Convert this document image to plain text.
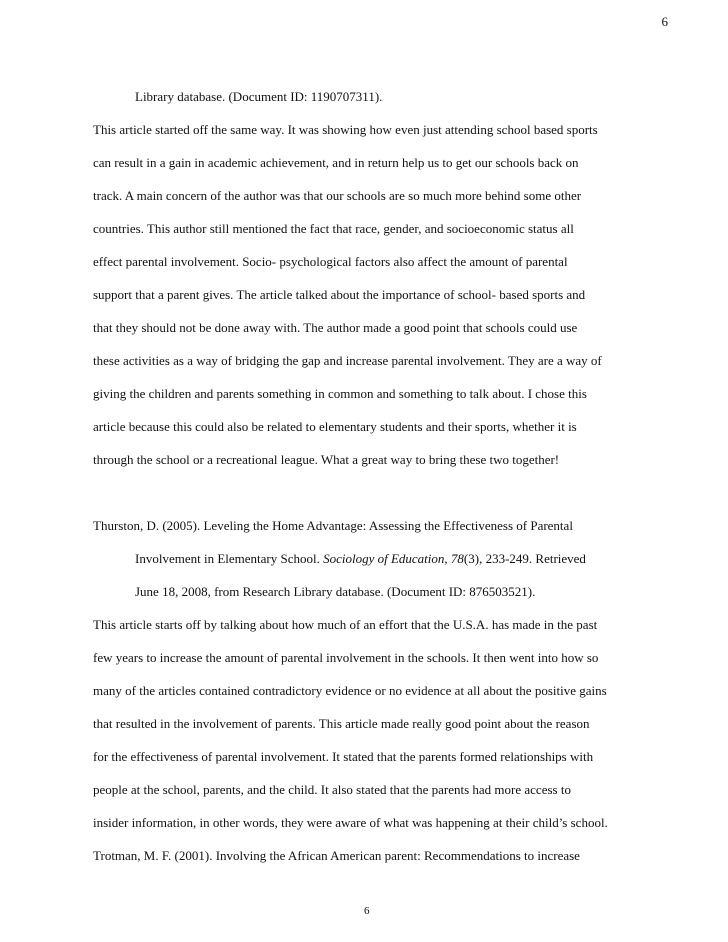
6
Library database. (Document ID: 1190707311).
This article started off the same way. It was showing how even just attending school based sports
can result in a gain in academic achievement, and in return help us to get our schools back on
track. A main concern of the author was that our schools are so much more behind some other
countries. This author still mentioned the fact that race, gender, and socioeconomic status all
effect parental involvement. Socio- psychological factors also affect the amount of parental
support that a parent gives. The article talked about the importance of school- based sports and
that they should not be done away with. The author made a good point that schools could use
these activities as a way of bridging the gap and increase parental involvement. They are a way of
giving the children and parents something in common and something to talk about. I chose this
article because this could also be related to elementary students and their sports, whether it is
through the school or a recreational league. What a great way to bring these two together!
Thurston, D. (2005). Leveling the Home Advantage: Assessing the Effectiveness of Parental
Involvement in Elementary School. Sociology of Education, 78(3), 233-249. Retrieved
June 18, 2008, from Research Library database. (Document ID: 876503521).
This article starts off by talking about how much of an effort that the U.S.A. has made in the past
few years to increase the amount of parental involvement in the schools. It then went into how so
many of the articles contained contradictory evidence or no evidence at all about the positive gains
that resulted in the involvement of parents. This article made really good point about the reason
for the effectiveness of parental involvement. It stated that the parents formed relationships with
people at the school, parents, and the child. It also stated that the parents had more access to
insider information, in other words, they were aware of what was happening at their child’s school.
Trotman, M. F. (2001). Involving the African American parent: Recommendations to increase
6
